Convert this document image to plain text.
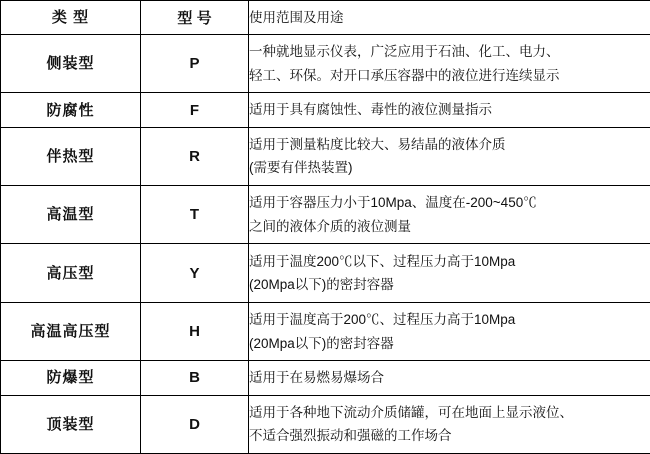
类 型	型 号	使用范围及用途
侧装型	P	一种就地显示仪表，广泛应用于石油、化工、电力、
轻工、环保。对开口承压容器中的液位进行连续显示

防腐性	F	适用于具有腐蚀性、毒性的液位测量指示

伴热型	R	适用于测量粘度比较大、易结晶的液体介质
(需要有伴热装置)

高温型	T	适用于容器压力小于10Mpa、温度在-200~450℃
之间的液体介质的液位测量

高压型	Y	适用于温度200℃以下、过程压力高于10Mpa
(20Mpa以下)的密封容器

高温高压型	H	适用于温度高于200℃、过程压力高于10Mpa
(20Mpa以下)的密封容器

防爆型	B	适用于在易燃易爆场合

顶装型	D	适用于各种地下流动介质储罐，可在地面上显示液位、
不适合强烈振动和强磁的工作场合
